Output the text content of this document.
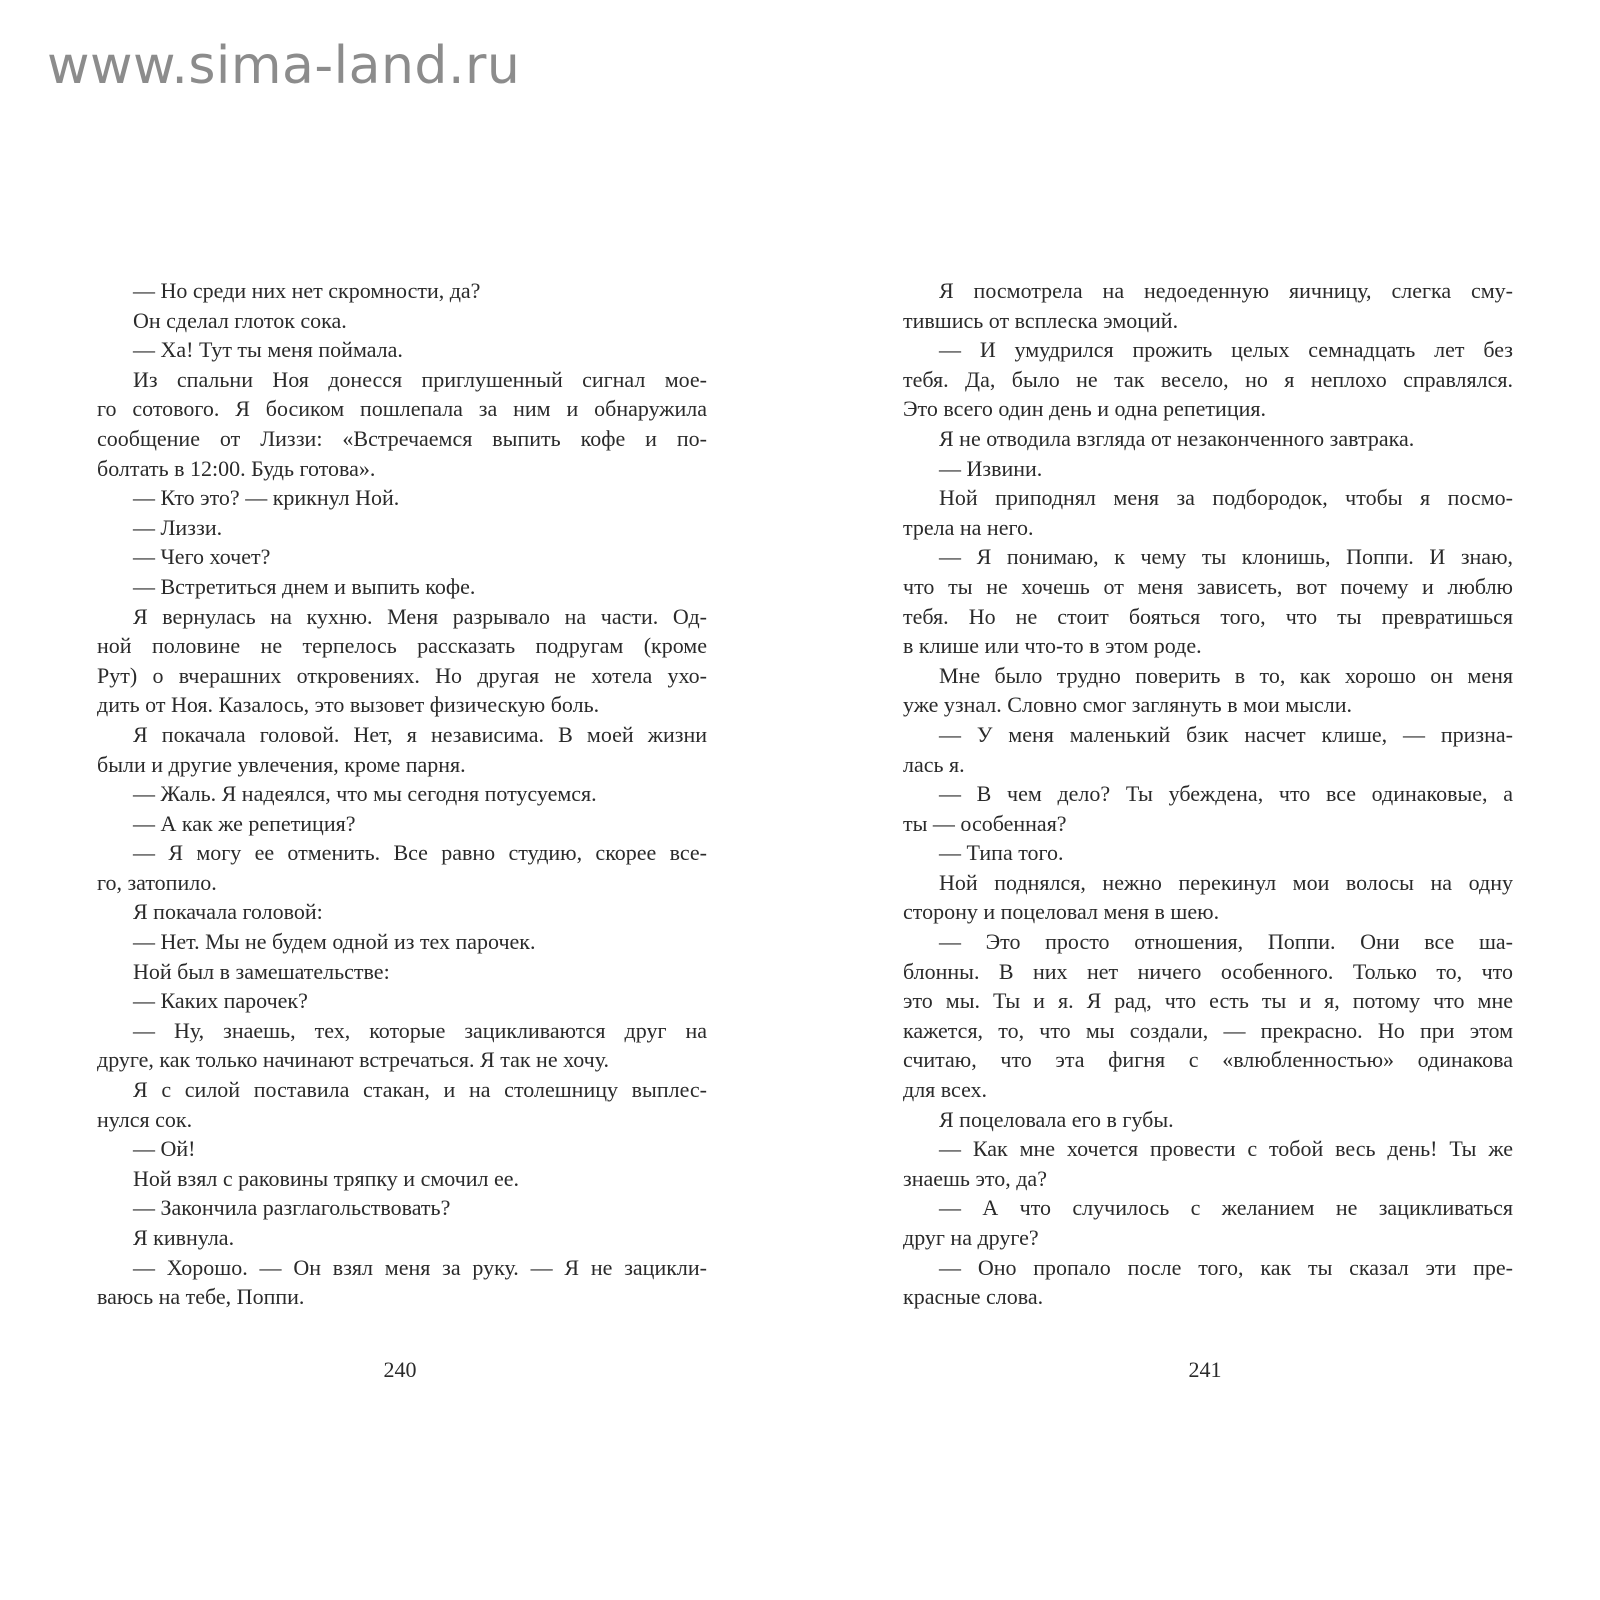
www.sima-land.ru
— Но среди них нет скромности, да?
Он сделал глоток сока.
— Ха! Тут ты меня поймала.
Из спальни Ноя донесся приглушенный сигнал мое-
го сотового. Я босиком пошлепала за ним и обнаружила
сообщение от Лиззи: «Встречаемся выпить кофе и по-
болтать в 12:00. Будь готова».
— Кто это? — крикнул Ной.
— Лиззи.
— Чего хочет?
— Встретиться днем и выпить кофе.
Я вернулась на кухню. Меня разрывало на части. Од-
ной половине не терпелось рассказать подругам (кроме
Рут) о вчерашних откровениях. Но другая не хотела ухо-
дить от Ноя. Казалось, это вызовет физическую боль.
Я покачала головой. Нет, я независима. В моей жизни
были и другие увлечения, кроме парня.
— Жаль. Я надеялся, что мы сегодня потусуемся.
— А как же репетиция?
— Я могу ее отменить. Все равно студию, скорее все-
го, затопило.
Я покачала головой:
— Нет. Мы не будем одной из тех парочек.
Ной был в замешательстве:
— Каких парочек?
— Ну, знаешь, тех, которые зацикливаются друг на
друге, как только начинают встречаться. Я так не хочу.
Я с силой поставила стакан, и на столешницу выплес-
нулся сок.
— Ой!
Ной взял с раковины тряпку и смочил ее.
— Закончила разглагольствовать?
Я кивнула.
— Хорошо. — Он взял меня за руку. — Я не зацикли-
ваюсь на тебе, Поппи.
Я посмотрела на недоеденную яичницу, слегка сму-
тившись от всплеска эмоций.
— И умудрился прожить целых семнадцать лет без
тебя. Да, было не так весело, но я неплохо справлялся.
Это всего один день и одна репетиция.
Я не отводила взгляда от незаконченного завтрака.
— Извини.
Ной приподнял меня за подбородок, чтобы я посмо-
трела на него.
— Я понимаю, к чему ты клонишь, Поппи. И знаю,
что ты не хочешь от меня зависеть, вот почему и люблю
тебя. Но не стоит бояться того, что ты превратишься
в клише или что-то в этом роде.
Мне было трудно поверить в то, как хорошо он меня
уже узнал. Словно смог заглянуть в мои мысли.
— У меня маленький бзик насчет клише, — призна-
лась я.
— В чем дело? Ты убеждена, что все одинаковые, а
ты — особенная?
— Типа того.
Ной поднялся, нежно перекинул мои волосы на одну
сторону и поцеловал меня в шею.
— Это просто отношения, Поппи. Они все ша-
блонны. В них нет ничего особенного. Только то, что
это мы. Ты и я. Я рад, что есть ты и я, потому что мне
кажется, то, что мы создали, — прекрасно. Но при этом
считаю, что эта фигня с «влюбленностью» одинакова
для всех.
Я поцеловала его в губы.
— Как мне хочется провести с тобой весь день! Ты же
знаешь это, да?
— А что случилось с желанием не зацикливаться
друг на друге?
— Оно пропало после того, как ты сказал эти пре-
красные слова.
240	241
